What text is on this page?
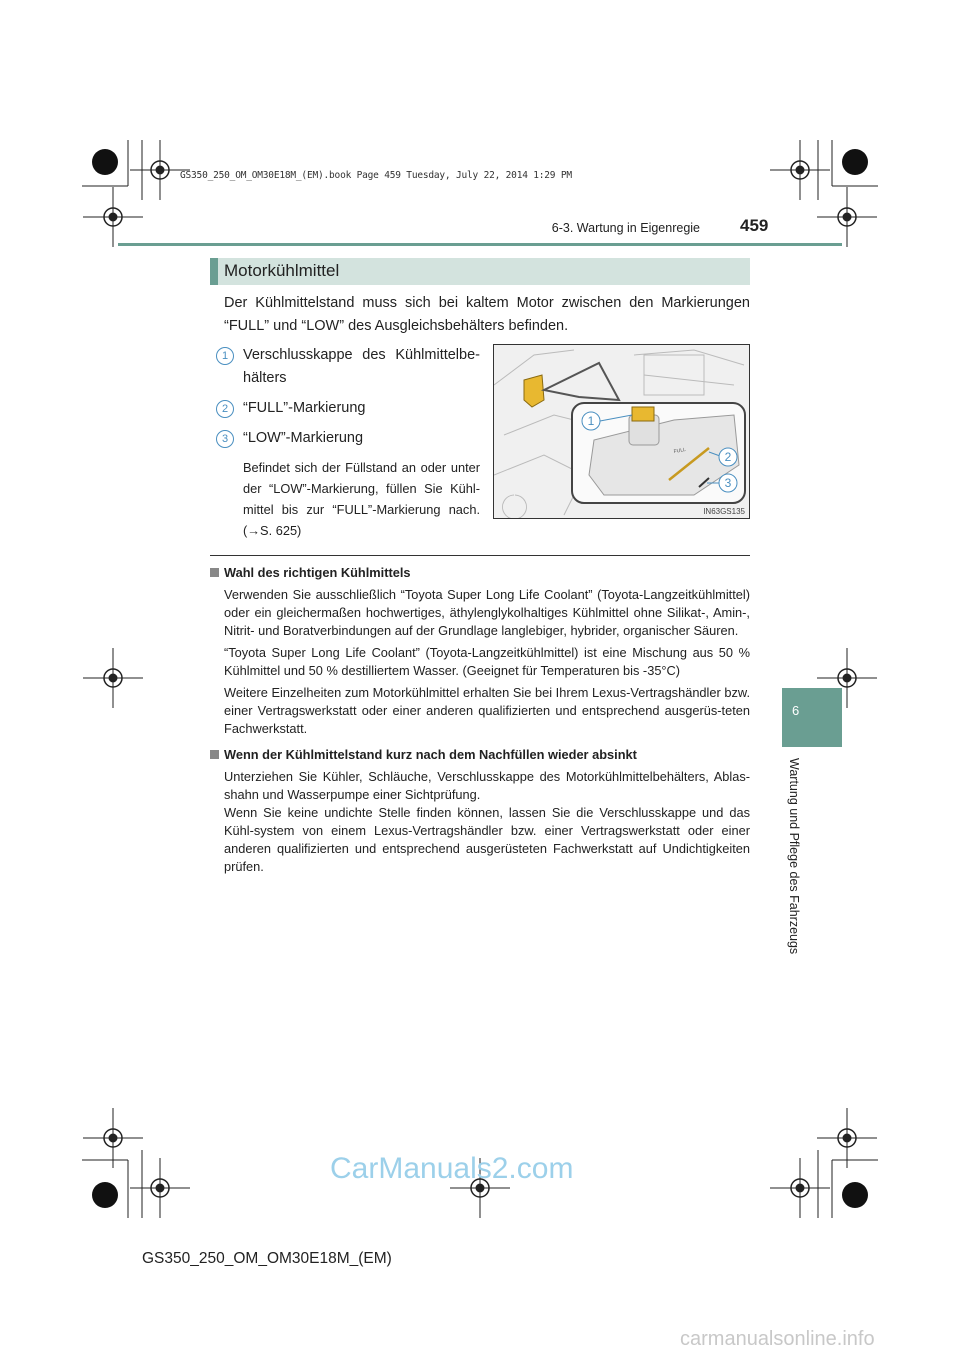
GS350_250_OM_OM30E18M_(EM).book Page 459 Tuesday, July 22, 2014 1:29 PM
6-3. Wartung in Eigenregie 459
Motorkühlmittel
Der Kühlmittelstand muss sich bei kaltem Motor zwischen den Markierungen “FULL” und “LOW” des Ausgleichsbehälters befinden.
1	Verschlusskappe des Kühlmittelbe-hälters
2	“FULL”-Markierung
3	“LOW”-Markierung
Befindet sich der Füllstand an oder unter der “LOW”-Markierung, füllen Sie Kühl-mittel bis zur “FULL”-Markierung nach. (→S. 625)
1
2
3
FULL
IN63GS135
Wahl des richtigen Kühlmittels
Verwenden Sie ausschließlich “Toyota Super Long Life Coolant” (Toyota-Langzeitkühlmittel) oder ein gleichermaßen hochwertiges, äthylenglykolhaltiges Kühlmittel ohne Silikat-, Amin-, Nitrit- und Boratverbindungen auf der Grundlage langlebiger, hybrider, organischer Säuren.
“Toyota Super Long Life Coolant” (Toyota-Langzeitkühlmittel) ist eine Mischung aus 50 % Kühlmittel und 50 % destilliertem Wasser. (Geeignet für Temperaturen bis -35°C)
Weitere Einzelheiten zum Motorkühlmittel erhalten Sie bei Ihrem Lexus-Vertragshändler bzw. einer Vertragswerkstatt oder einer anderen qualifizierten und entsprechend ausgerüs-teten Fachwerkstatt.
Wenn der Kühlmittelstand kurz nach dem Nachfüllen wieder absinkt
Unterziehen Sie Kühler, Schläuche, Verschlusskappe des Motorkühlmittelbehälters, Ablas-shahn und Wasserpumpe einer Sichtprüfung.
Wenn Sie keine undichte Stelle finden können, lassen Sie die Verschlusskappe und das Kühl-system von einem Lexus-Vertragshändler bzw. einer Vertragswerkstatt oder einer anderen qualifizierten und entsprechend ausgerüsteten Fachwerkstatt auf Undichtigkeiten prüfen.
6
Wartung und Pflege des Fahrzeugs
CarManuals2.com
GS350_250_OM_OM30E18M_(EM)
carmanualsonline.info
